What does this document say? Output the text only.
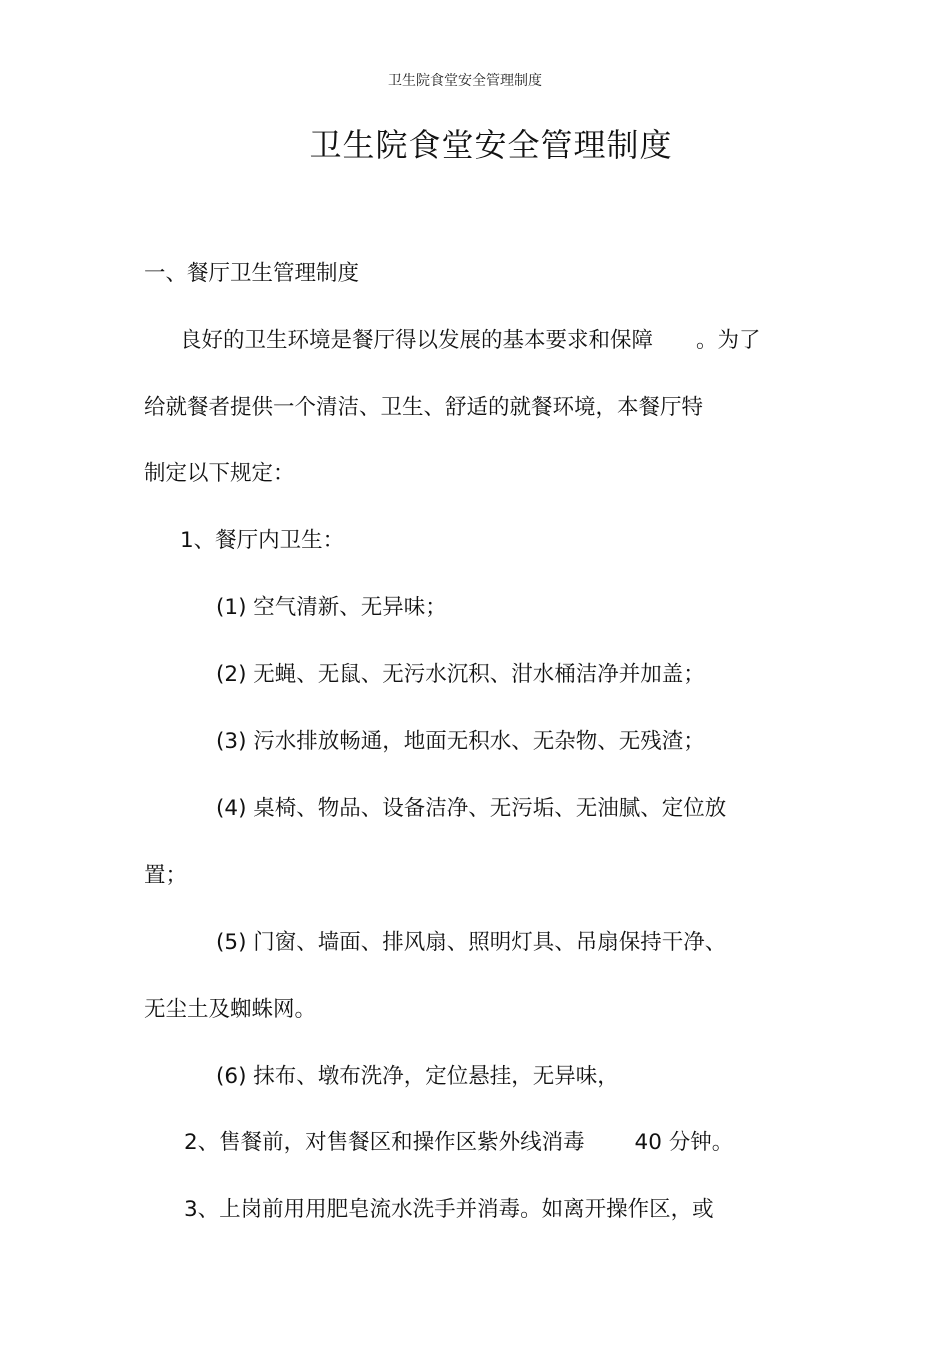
卫生院食堂安全管理制度
卫生院食堂安全管理制度
一、餐厅卫生管理制度
良好的卫生环境是餐厅得以发展的基本要求和保障　　。为了
给就餐者提供一个清洁、卫生、舒适的就餐环境，本餐厅特
制定以下规定：
1、餐厅内卫生：
(1) 空气清新、无异味；
(2) 无蝇、无鼠、无污水沉积、泔水桶洁净并加盖；
(3) 污水排放畅通，地面无积水、无杂物、无残渣；
(4) 桌椅、物品、设备洁净、无污垢、无油腻、定位放
置；
(5) 门窗、墙面、排风扇、照明灯具、吊扇保持干净、
无尘土及蜘蛛网。
(6) 抹布、墩布洗净，定位悬挂，无异味，
2、售餐前，对售餐区和操作区紫外线消毒　　 40 分钟。
3、上岗前用用肥皂流水洗手并消毒。如离开操作区，或
